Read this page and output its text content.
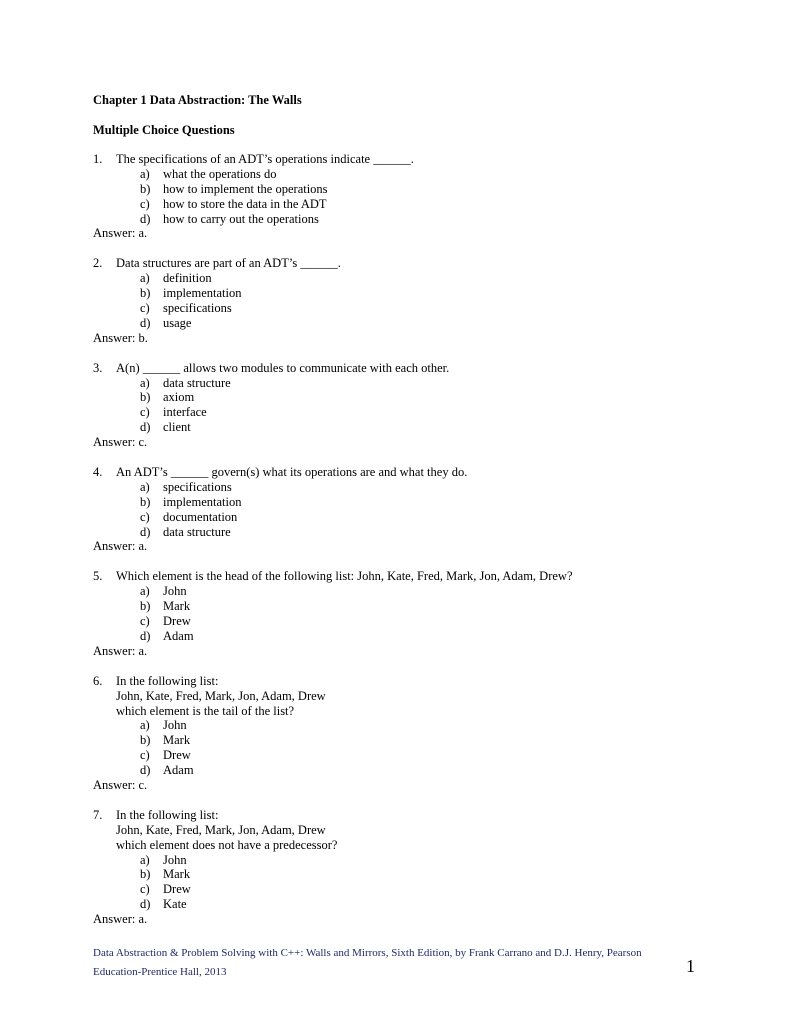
Chapter 1 Data Abstraction: The Walls
Multiple Choice Questions
1. The specifications of an ADT’s operations indicate ______.
a) what the operations do
b) how to implement the operations
c) how to store the data in the ADT
d) how to carry out the operations
Answer: a.
2. Data structures are part of an ADT’s ______.
a) definition
b) implementation
c) specifications
d) usage
Answer: b.
3. A(n) ______ allows two modules to communicate with each other.
a) data structure
b) axiom
c) interface
d) client
Answer: c.
4. An ADT’s ______ govern(s) what its operations are and what they do.
a) specifications
b) implementation
c) documentation
d) data structure
Answer: a.
5. Which element is the head of the following list: John, Kate, Fred, Mark, Jon, Adam, Drew?
a) John
b) Mark
c) Drew
d) Adam
Answer: a.
6. In the following list:
John, Kate, Fred, Mark, Jon, Adam, Drew
which element is the tail of the list?
a) John
b) Mark
c) Drew
d) Adam
Answer: c.
7. In the following list:
John, Kate, Fred, Mark, Jon, Adam, Drew
which element does not have a predecessor?
a) John
b) Mark
c) Drew
d) Kate
Answer: a.
Data Abstraction & Problem Solving with C++: Walls and Mirrors, Sixth Edition, by Frank Carrano and D.J. Henry, Pearson
Education-Prentice Hall, 2013	1
